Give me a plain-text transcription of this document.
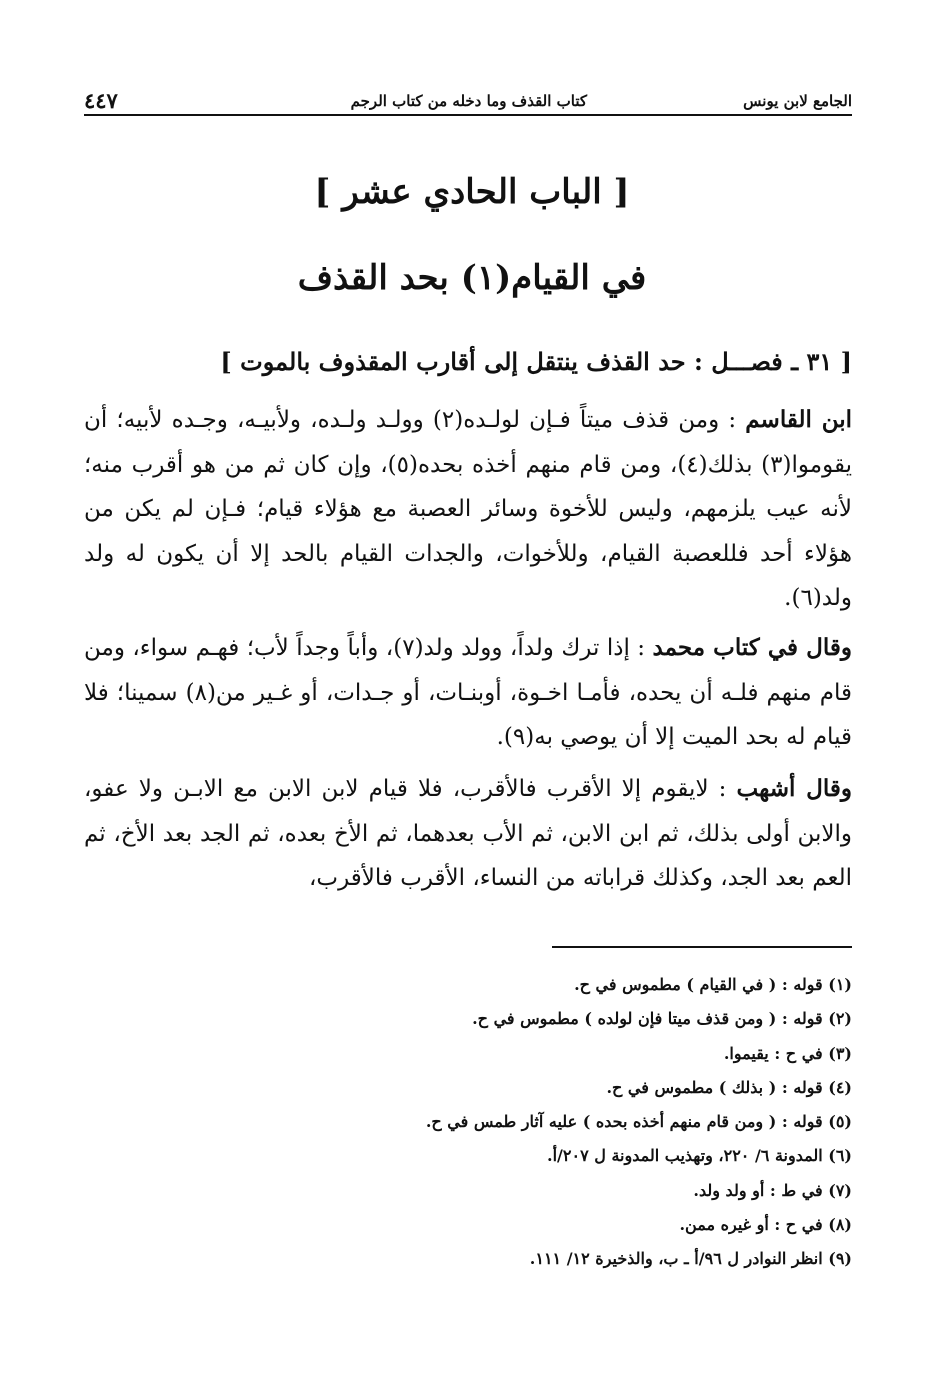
الجامع لابن يونس
كتاب القذف وما دخله من كتاب الرجم
٤٤٧
[ الباب الحادي عشر ]
في القيام(١) بحد القذف
[ ٣١ ـ فصـــل : حد القذف ينتقل إلى أقارب المقذوف بالموت ]
ابن القاسم : ومن قذف ميتاً فـإن لولـده(٢) وولـد ولـده، ولأبيـه، وجـده لأبيه؛ أن يقوموا(٣) بذلك(٤)، ومن قام منهم أخذه بحده(٥)، وإن كان ثم من هو أقرب منه؛ لأنه عيب يلزمهم، وليس للأخوة وسائر العصبة مع هؤلاء قيام؛ فـإن لم يكن من هؤلاء أحد فللعصبة القيام، وللأخوات، والجدات القيام بالحد إلا أن يكون له ولد ولد(٦).
وقال في كتاب محمد : إذا ترك ولداً، وولد ولد(٧)، وأباً وجداً لأب؛ فهـم سواء، ومن قام منهم فلـه أن يحده، فأمـا اخـوة، أوبنـات، أو جـدات، أو غـير من(٨) سمينا؛ فلا قيام له بحد الميت إلا أن يوصي به(٩).
وقال أشهب : لايقوم إلا الأقرب فالأقرب، فلا قيام لابن الابن مع الابـن ولا عفو، والابن أولى بذلك، ثم ابن الابن، ثم الأب بعدهما، ثم الأخ بعده، ثم الجد بعد الأخ، ثم العم بعد الجد، وكذلك قراباته من النساء، الأقرب فالأقرب،
(١) قوله : ( في القيام ) مطموس في ح.
(٢) قوله : ( ومن قذف ميتا فإن لولده ) مطموس في ح.
(٣) في ح : يقيموا.
(٤) قوله : ( بذلك ) مطموس في ح.
(٥) قوله : ( ومن قام منهم أخذه بحده ) عليه آثار طمس في ح.
(٦) المدونة ٦/ ٢٢٠، وتهذيب المدونة ل ٢٠٧/أ.
(٧) في ط : أو ولد ولد.
(٨) في ح : أو غيره ممن.
(٩) انظر النوادر ل ٩٦/أ ـ ب، والذخيرة ١٢/ ١١١.
